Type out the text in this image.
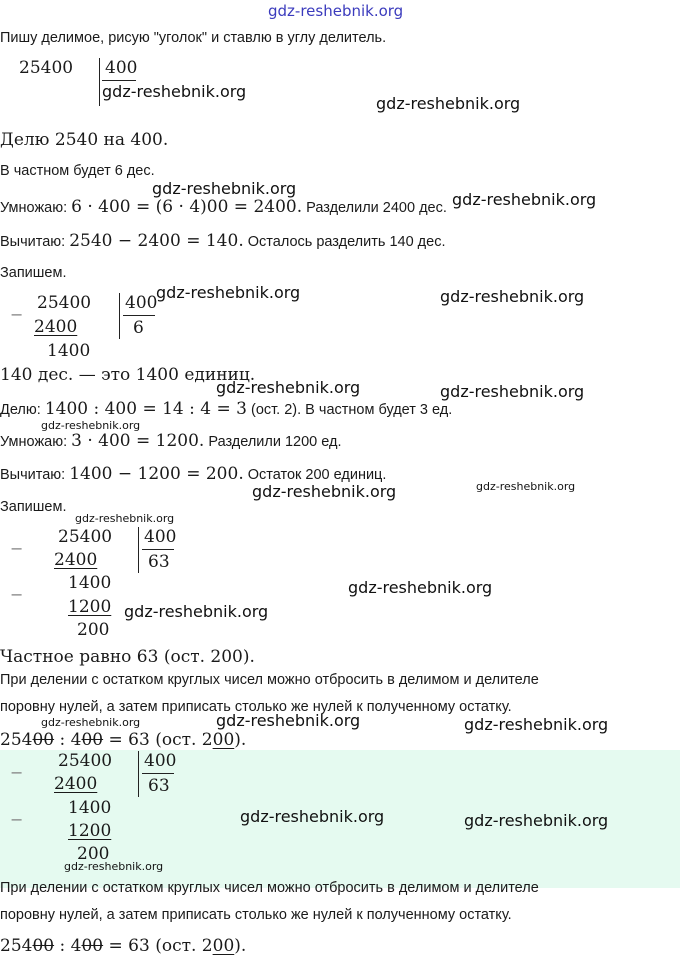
gdz-reshebnik.org
Пишу делимое, рисую "уголок" и ставлю в углу делитель.
25400 400
gdz-reshebnik.org
gdz-reshebnik.org
Делю 2540 на 400.
В частном будет 6 дес.
gdz-reshebnik.org
gdz-reshebnik.org
Умножаю: 6 · 400 = (6 · 4)00 = 2400. Разделили 2400 дес.
Вычитаю: 2540 − 2400 = 140. Осталось разделить 140 дес.
Запишем.
−
25400
2400
1400
400
6
gdz-reshebnik.org	gdz-reshebnik.org
140 дес. — это 1400 единиц.
gdz-reshebnik.org	gdz-reshebnik.org
Делю: 1400 : 400 = 14 : 4 = 3 (ост. 2). В частном будет 3 ед.
gdz-reshebnik.org
Умножаю: 3 · 400 = 1200. Разделили 1200 ед.
Вычитаю: 1400 − 1200 = 200. Остаток 200 единиц.
gdz-reshebnik.org	gdz-reshebnik.org
Запишем.
gdz-reshebnik.org
−
25400
2400
−
1400
1200
200
400
63
gdz-reshebnik.org
gdz-reshebnik.org
Частное равно 63 (ост. 200).
При делении с остатком круглых чисел можно отбросить в делимом и делителе
поровну нулей, а затем приписать столько же нулей к полученному остатку.
gdz-reshebnik.org	gdz-reshebnik.org	gdz-reshebnik.org
25400 : 400 = 63 (ост. 200).
−
25400
2400
−
1400
1200
200
400
63
gdz-reshebnik.org	gdz-reshebnik.org
gdz-reshebnik.org
При делении с остатком круглых чисел можно отбросить в делимом и делителе
поровну нулей, а затем приписать столько же нулей к полученному остатку.
25400 : 400 = 63 (ост. 200).
